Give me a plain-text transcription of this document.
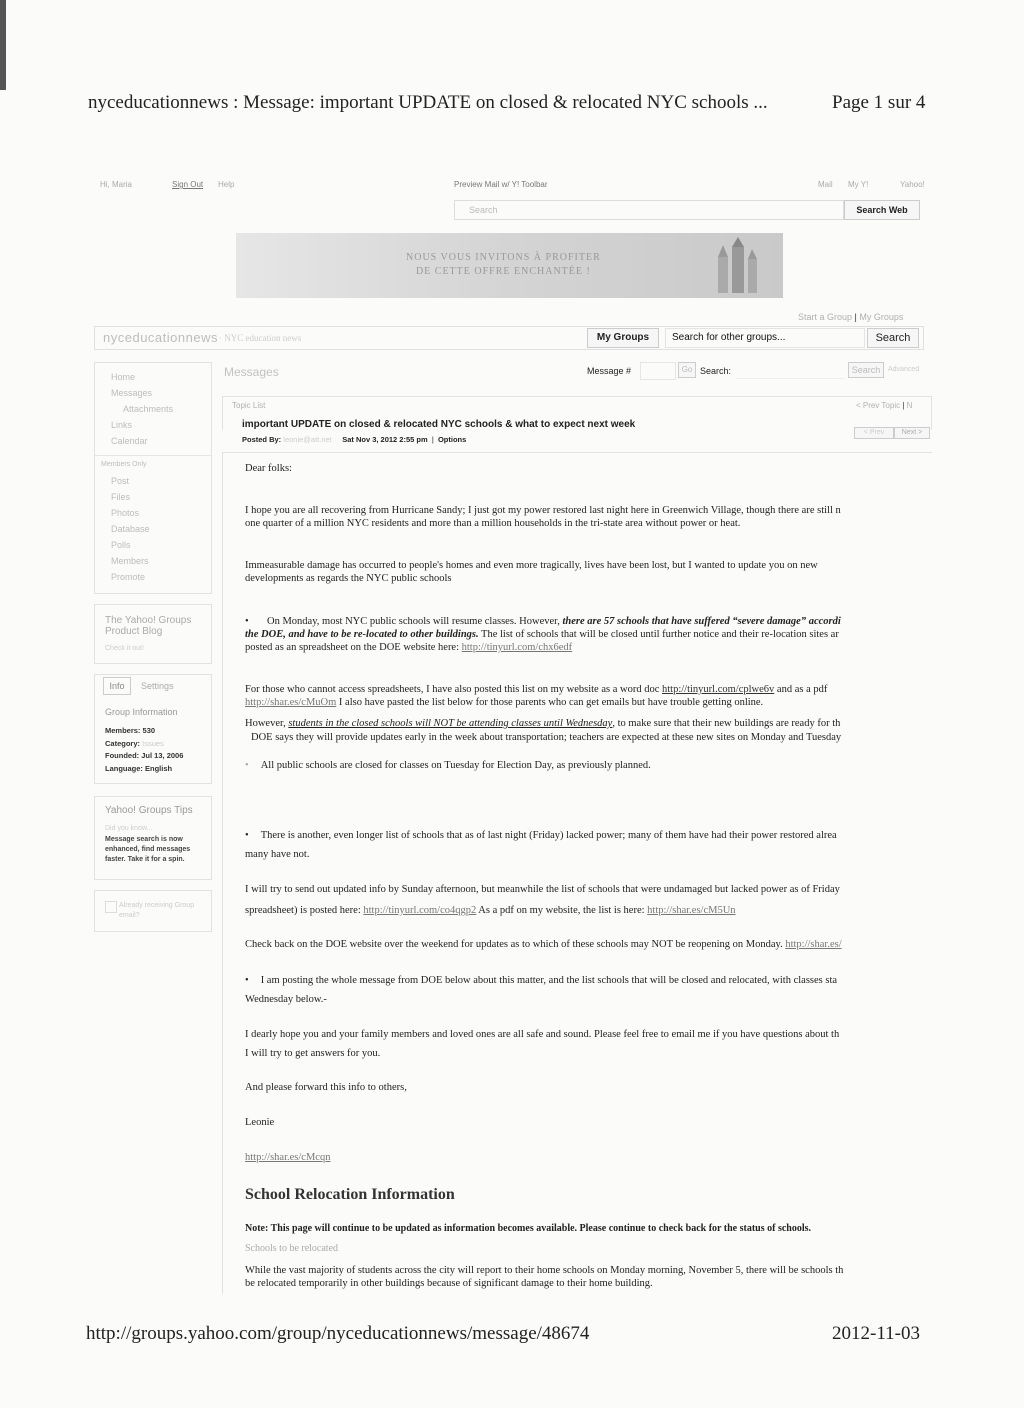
nyceducationnews : Message: important UPDATE on closed & relocated NYC schools ...	Page 1 sur 4
http://groups.yahoo.com/group/nyceducationnews/message/48674	2012-11-03
Hi, Maria	Sign Out Help	Preview Mail w/ Y! Toolbar	Mail My Y!	Yahoo!
Search	Search Web
NOUS VOUS INVITONS À PROFITER
DE CETTE OFFRE ENCHANTÉE !
Start a Group | My Groups
nyceducationnews · NYC education news	My Groups	Search for other groups...	Search
Messages	Message #	Go Search:	Search	Advanced
Home
Messages
Attachments
Links
Calendar
Members Only
Post
Files
Photos
Database
Polls
Members
Promote
The Yahoo! Groups Product Blog
Check it out!
Info	Settings
Group Information
Members: 530
Category: Issues
Founded: Jul 13, 2006
Language: English
Yahoo! Groups Tips
Did you know...
Message search is now enhanced, find messages faster. Take it for a spin.
Already receiving Group email?
Topic List	< Prev Topic | N
important UPDATE on closed & relocated NYC schools & what to expect next week
Posted By: leonie@att.net Sat Nov 3, 2012 2:55 pm  |  Options
< Prev	Next >
Dear folks:
I hope you are all recovering from Hurricane Sandy; I just got my power restored last night here in Greenwich Village, though there are still n
one quarter of a million NYC residents and more than a million households in the tri-state area without power or heat.
Immeasurable damage has occurred to people's homes and even more tragically, lives have been lost, but I wanted to update you on new
developments as regards the NYC public schools
• On Monday, most NYC public schools will resume classes. However, there are 57 schools that have suffered “severe damage” accordi
the DOE, and have to be re-located to other buildings. The list of schools that will be closed until further notice and their re-location sites ar
posted as an spreadsheet on the DOE website here: http://tinyurl.com/chx6edf
For those who cannot access spreadsheets, I have also posted this list on my website as a word doc http://tinyurl.com/cplwe6v and as a pdf
http://shar.es/cMuOm I also have pasted the list below for those parents who can get emails but have trouble getting online.
However, students in the closed schools will NOT be attending classes until Wednesday, to make sure that their new buildings are ready for th
DOE says they will provide updates early in the week about transportation; teachers are expected at these new sites on Monday and Tuesday
• All public schools are closed for classes on Tuesday for Election Day, as previously planned.
• There is another, even longer list of schools that as of last night (Friday) lacked power; many of them have had their power restored alrea
many have not.
I will try to send out updated info by Sunday afternoon, but meanwhile the list of schools that were undamaged but lacked power as of Friday
spreadsheet) is posted here: http://tinyurl.com/co4qgp2 As a pdf on my website, the list is here: http://shar.es/cM5Un
Check back on the DOE website over the weekend for updates as to which of these schools may NOT be reopening on Monday. http://shar.es/
• I am posting the whole message from DOE below about this matter, and the list schools that will be closed and relocated, with classes sta
Wednesday below.-
I dearly hope you and your family members and loved ones are all safe and sound. Please feel free to email me if you have questions about th
I will try to get answers for you.
And please forward this info to others,
Leonie
http://shar.es/cMcqn
School Relocation Information
Note: This page will continue to be updated as information becomes available. Please continue to check back for the status of schools.
Schools to be relocated
While the vast majority of students across the city will report to their home schools on Monday morning, November 5, there will be schools th
be relocated temporarily in other buildings because of significant damage to their home building.
